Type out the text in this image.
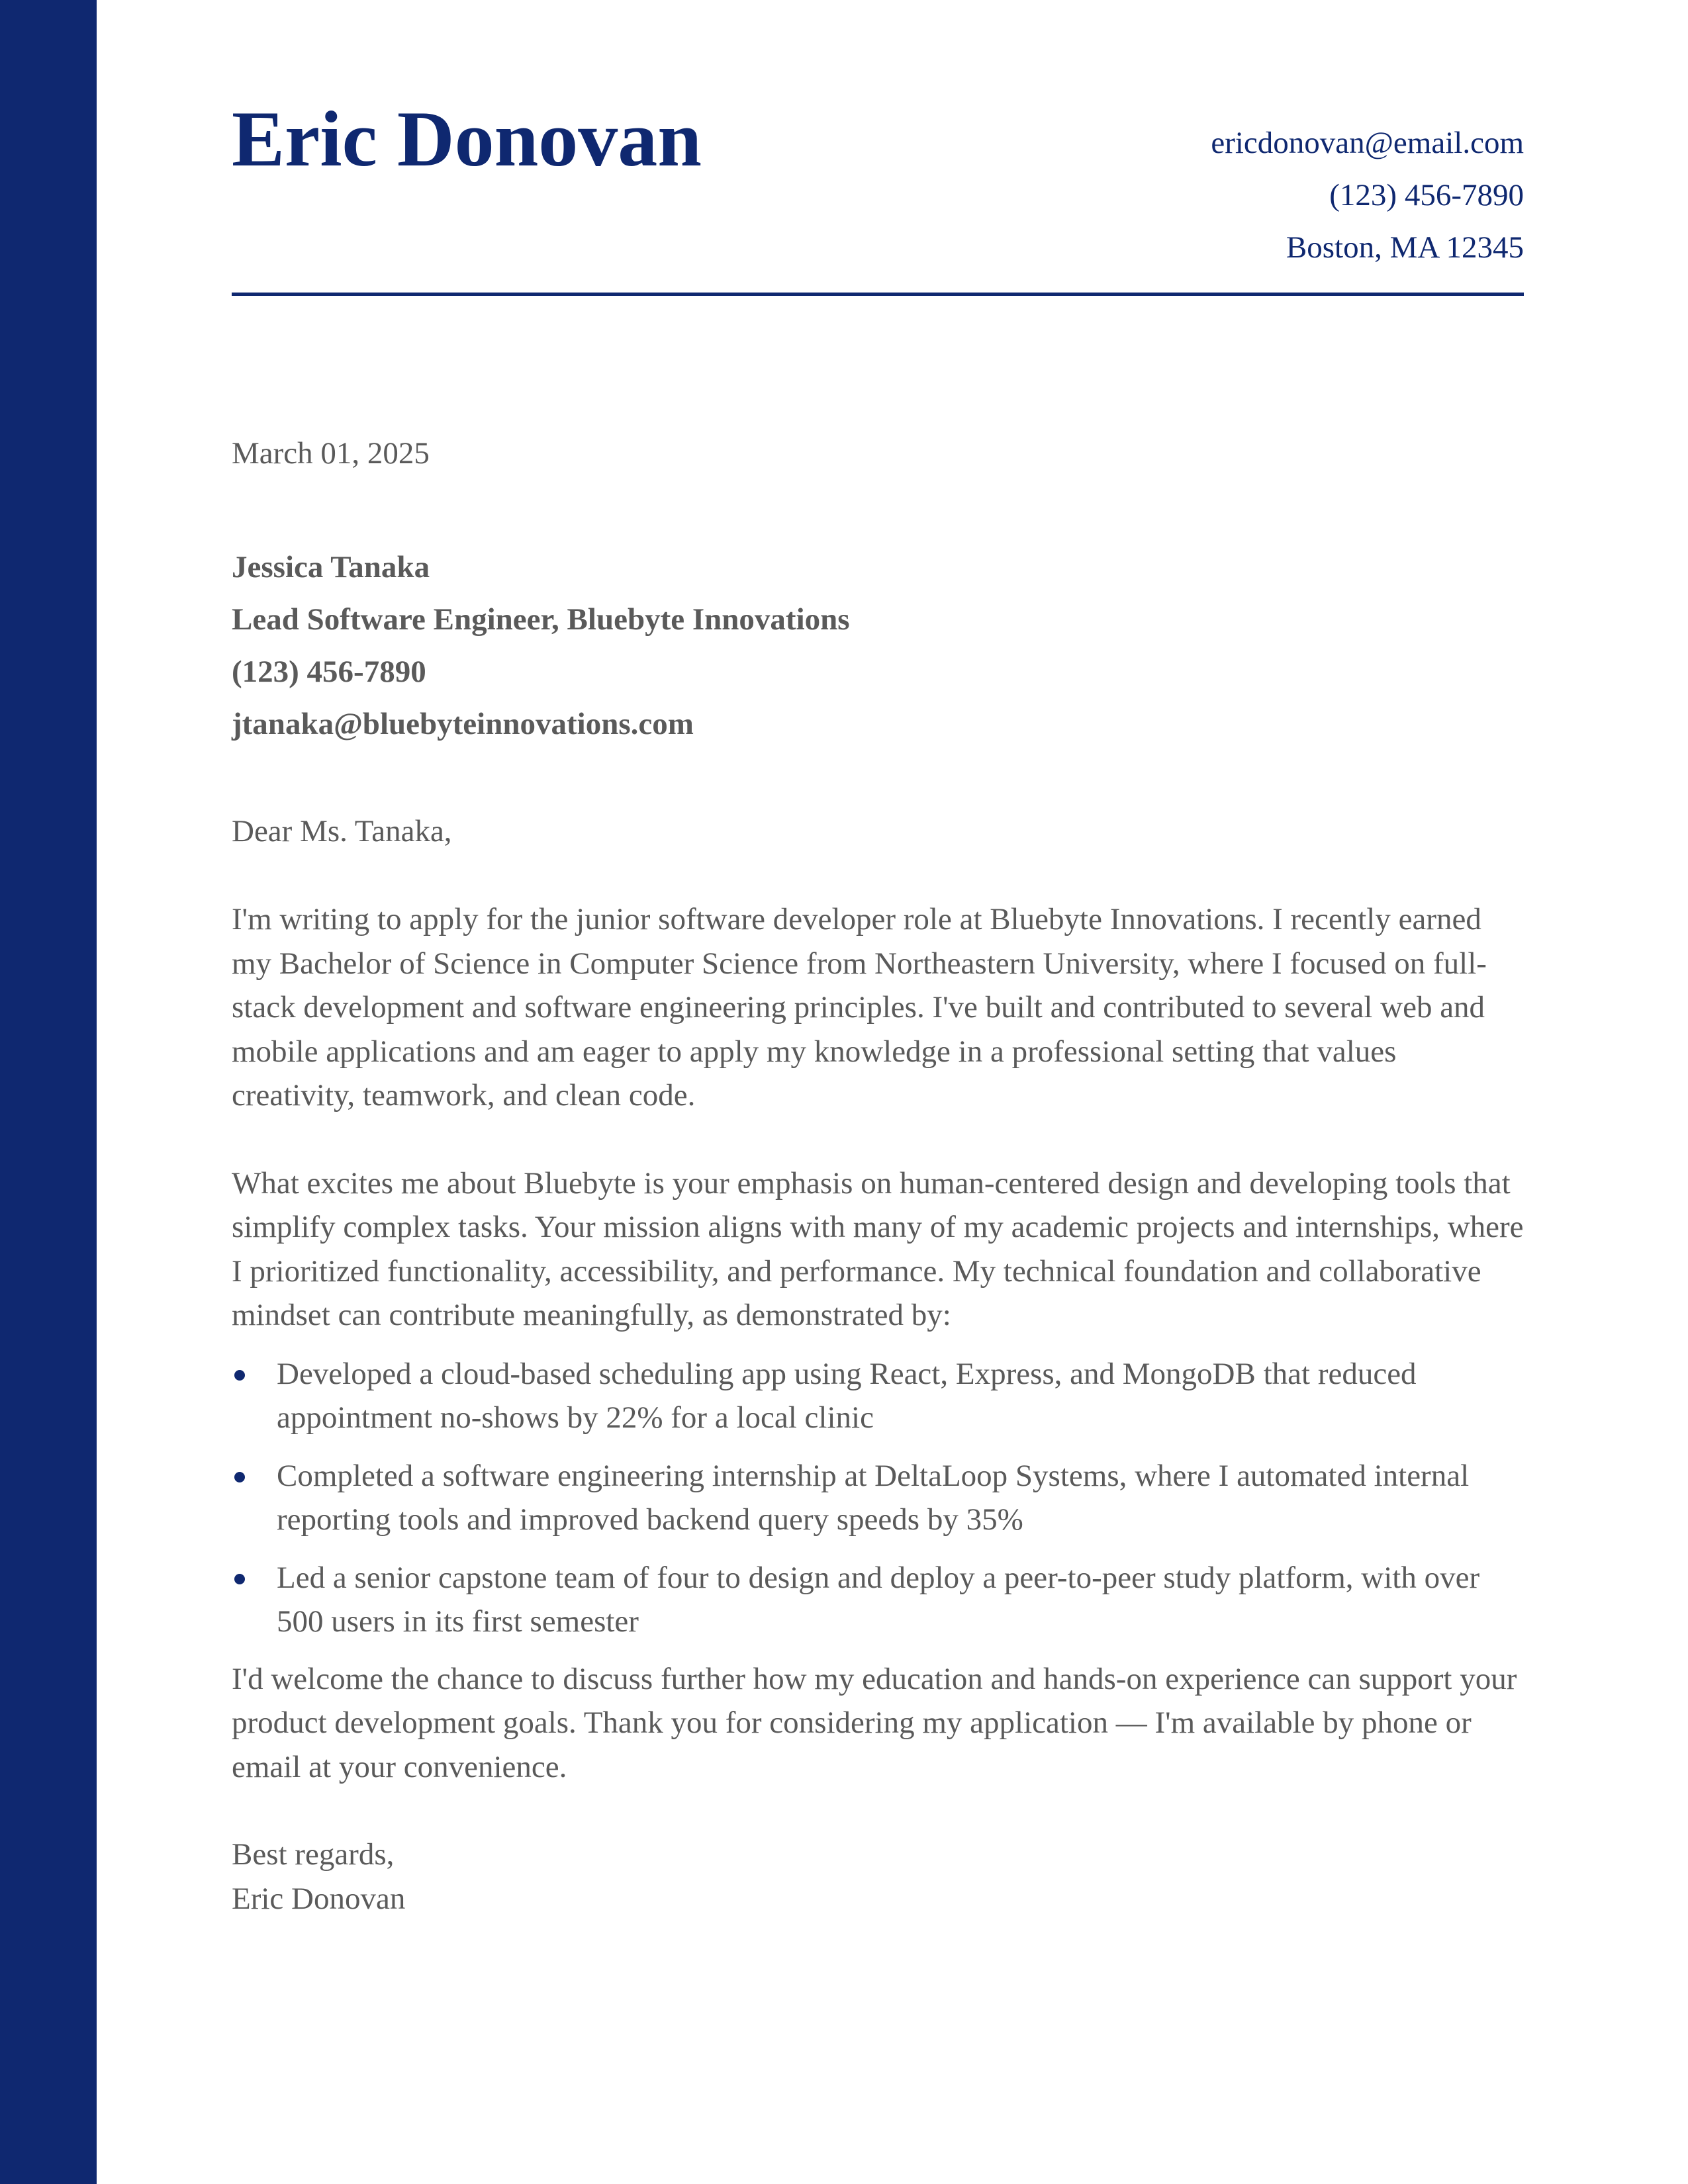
Eric Donovan	ericdonovan@email.com
(123) 456-7890
Boston, MA 12345
March 01, 2025
Jessica Tanaka
Lead Software Engineer, Bluebyte Innovations
(123) 456-7890
jtanaka@bluebyteinnovations.com
Dear Ms. Tanaka,

I'm writing to apply for the junior software developer role at Bluebyte Innovations. I recently earned my Bachelor of Science in Computer Science from Northeastern University, where I focused on full-stack development and software engineering principles. I've built and contributed to several web and mobile applications and am eager to apply my knowledge in a professional setting that values creativity, teamwork, and clean code.

What excites me about Bluebyte is your emphasis on human-centered design and developing tools that simplify complex tasks. Your mission aligns with many of my academic projects and internships, where I prioritized functionality, accessibility, and performance. My technical foundation and collaborative mindset can contribute meaningfully, as demonstrated by:

Developed a cloud-based scheduling app using React, Express, and MongoDB that reduced appointment no-shows by 22% for a local clinic
Completed a software engineering internship at DeltaLoop Systems, where I automated internal reporting tools and improved backend query speeds by 35%
Led a senior capstone team of four to design and deploy a peer-to-peer study platform, with over 500 users in its first semester

I'd welcome the chance to discuss further how my education and hands-on experience can support your product development goals. Thank you for considering my application — I'm available by phone or email at your convenience.

Best regards,
Eric Donovan
